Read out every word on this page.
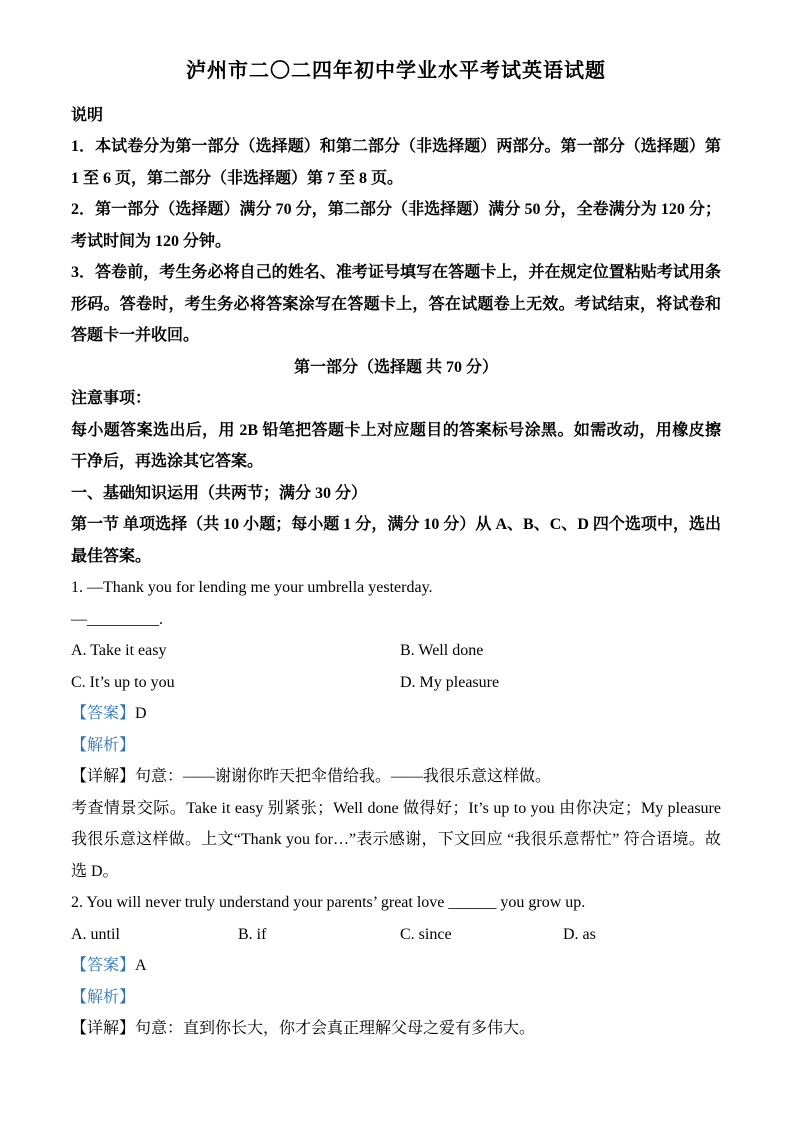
泸州市二〇二四年初中学业水平考试英语试题

说明

1．本试卷分为第一部分（选择题）和第二部分（非选择题）两部分。第一部分（选择题）第 1 至 6 页，第二部分（非选择题）第 7 至 8 页。

2．第一部分（选择题）满分 70 分，第二部分（非选择题）满分 50 分，全卷满分为 120 分；考试时间为 120 分钟。

3．答卷前，考生务必将自己的姓名、准考证号填写在答题卡上，并在规定位置粘贴考试用条形码。答卷时，考生务必将答案涂写在答题卡上，答在试题卷上无效。考试结束，将试卷和答题卡一并收回。

第一部分（选择题 共 70 分）

注意事项：

每小题答案选出后，用 2B 铅笔把答题卡上对应题目的答案标号涂黑。如需改动，用橡皮擦干净后，再选涂其它答案。

一、基础知识运用（共两节；满分 30 分）

第一节 单项选择（共 10 小题；每小题 1 分，满分 10 分）从 A、B、C、D 四个选项中，选出最佳答案。

1. —Thank you for lending me your umbrella yesterday.

—_________.

A. Take it easy	B. Well done
C. It’s up to you	D. My pleasure

【答案】D

【解析】

【详解】句意：——谢谢你昨天把伞借给我。——我很乐意这样做。

考查情景交际。Take it easy 别紧张；Well done 做得好；It’s up to you 由你决定；My pleasure 我很乐意这样做。上文“Thank you for…”表示感谢，下文回应 “我很乐意帮忙” 符合语境。故选 D。

2. You will never truly understand your parents’ great love ______ you grow up.

A. until	B. if	C. since	D. as

【答案】A

【解析】

【详解】句意：直到你长大，你才会真正理解父母之爱有多伟大。
